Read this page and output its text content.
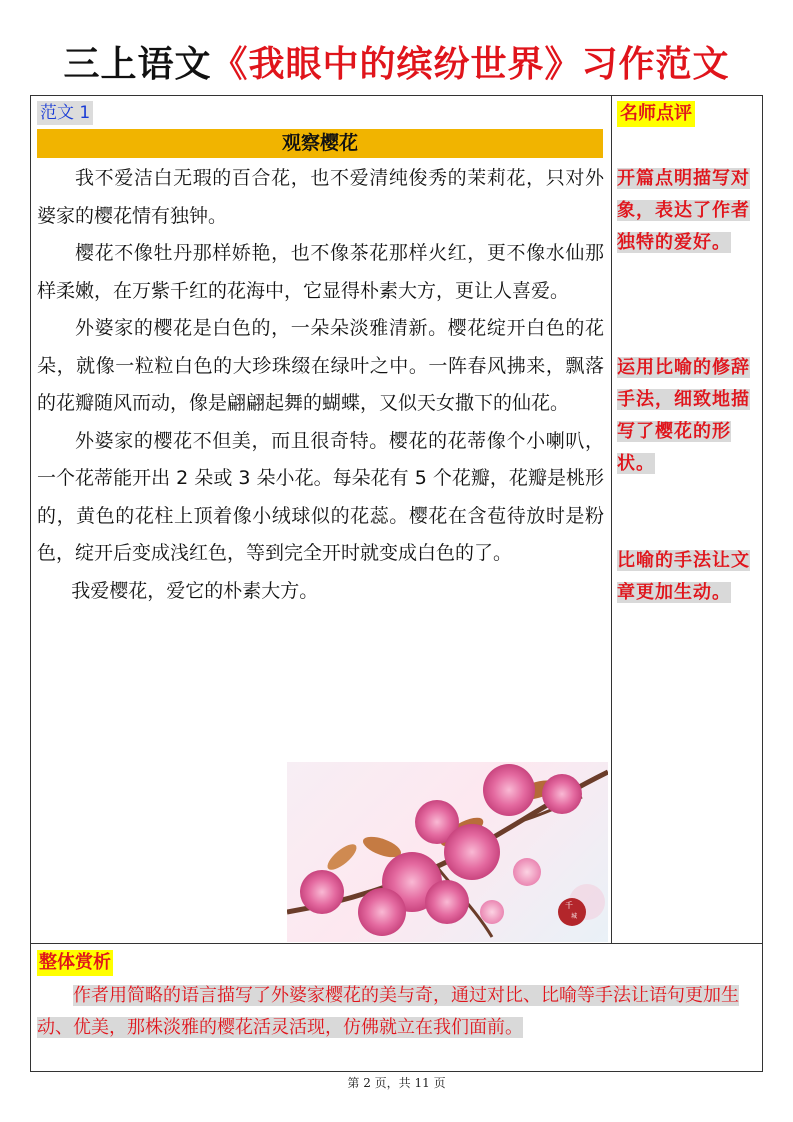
三上语文《我眼中的缤纷世界》习作范文
范文 1
观察樱花

我不爱洁白无瑕的百合花，也不爱清纯俊秀的茉莉花，只对外婆家的樱花情有独钟。

樱花不像牡丹那样娇艳，也不像茶花那样火红，更不像水仙那样柔嫩，在万紫千红的花海中，它显得朴素大方，更让人喜爱。

外婆家的樱花是白色的，一朵朵淡雅清新。樱花绽开白色的花朵，就像一粒粒白色的大珍珠缀在绿叶之中。一阵春风拂来，飘落的花瓣随风而动，像是翩翩起舞的蝴蝶，又似天女撒下的仙花。

外婆家的樱花不但美，而且很奇特。樱花的花蒂像个小喇叭，一个花蒂能开出 2 朵或 3 朵小花。每朵花有 5 个花瓣，花瓣是桃形的，黄色的花柱上顶着像小绒球似的花蕊。樱花在含苞待放时是粉色，绽开后变成浅红色，等到完全开时就变成白色的了。

我爱樱花，爱它的朴素大方。

千
城
名师点评
开篇点明描写对象，表达了作者独特的爱好。
运用比喻的修辞手法，细致地描写了樱花的形状。
比喻的手法让文章更加生动。
整体赏析
作者用简略的语言描写了外婆家樱花的美与奇，通过对比、比喻等手法让语句更加生动、优美，那株淡雅的樱花活灵活现，仿佛就立在我们面前。
第 2 页，共 11 页
